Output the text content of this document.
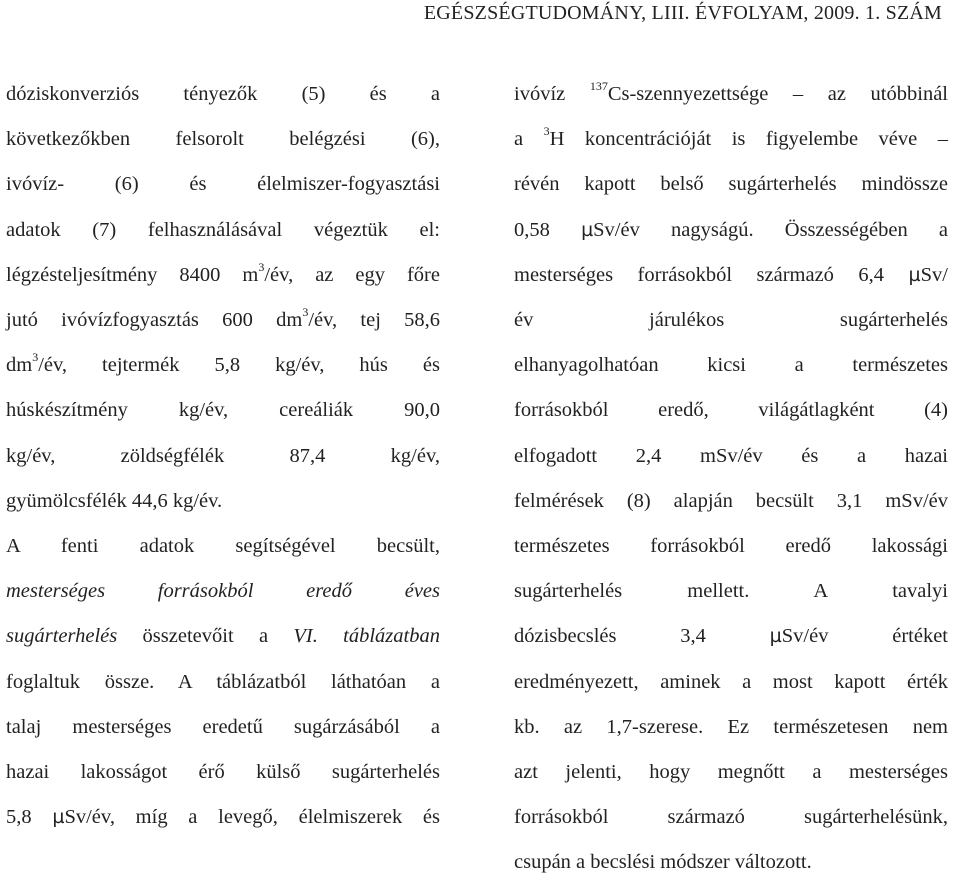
EGÉSZSÉGTUDOMÁNY, LIII. ÉVFOLYAM, 2009. 1. SZÁM
dóziskonverziós tényezők (5) és a
következőkben felsorolt belégzési (6),
ivóvíz- (6) és élelmiszer-fogyasztási
adatok (7) felhasználásával végeztük el:
légzésteljesítmény 8400 $m^3/év$, az egy főre
jutó ivóvízfogyasztás 600 $dm^3/év$, tej 58,6
$dm^3/év$, tejtermék 5,8 kg/év, hús és
húskészítmény kg/év, cereáliák 90,0
kg/év, zöldségfélék 87,4 kg/év,
gyümölcsfélék 44,6 kg/év.
A fenti adatok segítségével becsült,
mesterséges forrásokból eredő éves
sugárterhelés összetevőit a VI. táblázatban
foglaltuk össze. A táblázatból láthatóan a
talaj mesterséges eredetű sugárzásából a
hazai lakosságot érő külső sugárterhelés
5,8 µSv/év, míg a levegő, élelmiszerek és
ivóvíz $^{137}$Cs-szennyezettsége – az utóbbinál
a $^3$H koncentrációját is figyelembe véve –
révén kapott belső sugárterhelés mindössze
0,58 µSv/év nagyságú. Összességében a
mesterséges forrásokból származó 6,4 µSv/
év járulékos sugárterhelés
elhanyagolhatóan kicsi a természetes
forrásokból eredő, világátlagként (4)
elfogadott 2,4 mSv/év és a hazai
felmérések (8) alapján becsült 3,1 mSv/év
természetes forrásokból eredő lakossági
sugárterhelés mellett. A tavalyi
dózisbecslés 3,4 µSv/év értéket
eredményezett, aminek a most kapott érték
kb. az 1,7-szerese. Ez természetesen nem
azt jelenti, hogy megnőtt a mesterséges
forrásokból származó sugárterhelésünk,
csupán a becslési módszer változott.
